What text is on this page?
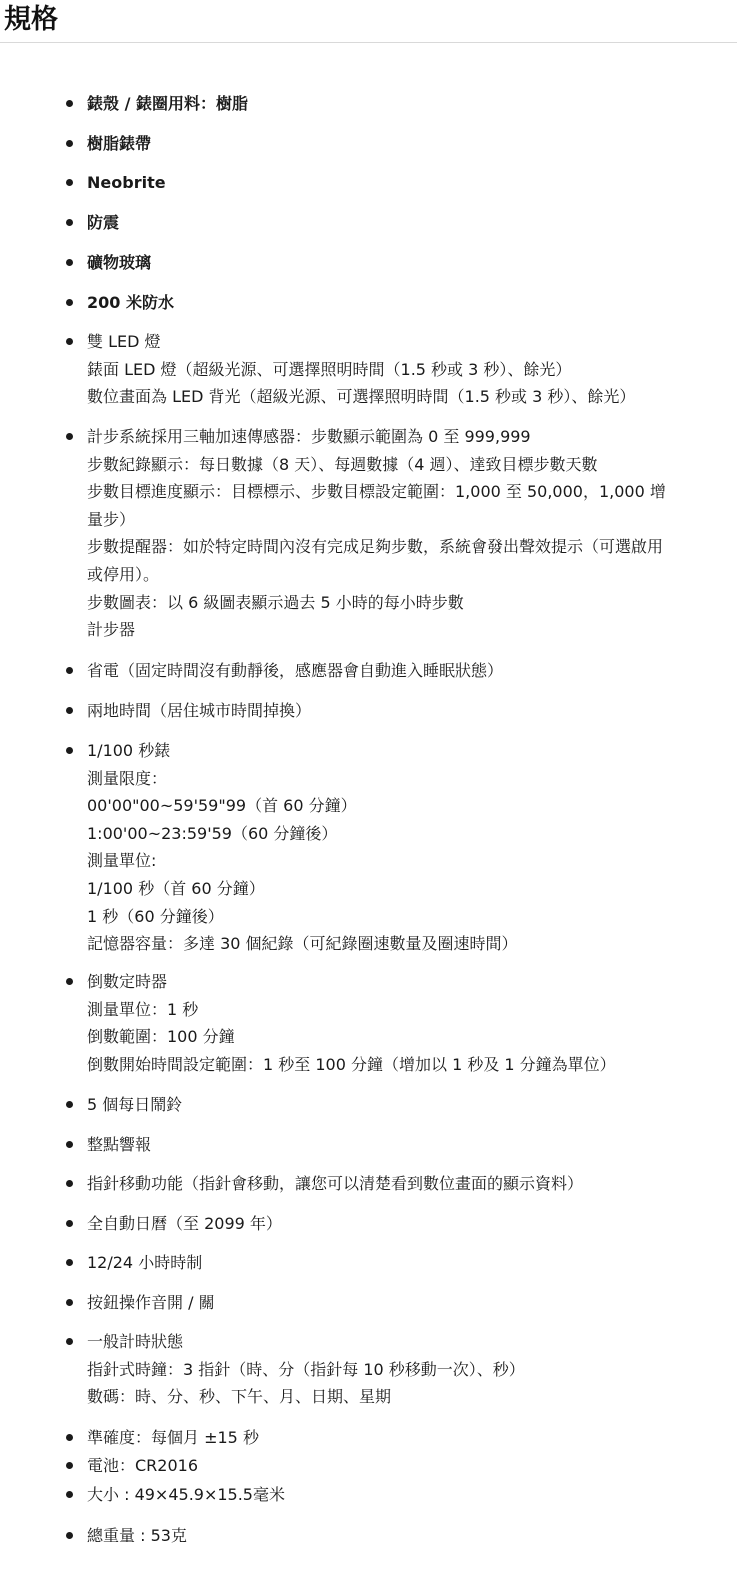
規格
錶殼 / 錶圈用料：樹脂
樹脂錶帶
Neobrite
防震
礦物玻璃
200 米防水
雙 LED 燈
錶面 LED 燈（超級光源、可選擇照明時間（1.5 秒或 3 秒）、餘光）
數位畫面為 LED 背光（超級光源、可選擇照明時間（1.5 秒或 3 秒）、餘光）
計步系統採用三軸加速傳感器：步數顯示範圍為 0 至 999,999
步數紀錄顯示：每日數據（8 天）、每週數據（4 週）、達致目標步數天數
步數目標進度顯示：目標標示、步數目標設定範圍：1,000 至 50,000，1,000 增
量步）
步數提醒器：如於特定時間內沒有完成足夠步數，系統會發出聲效提示（可選啟用
或停用）。
步數圖表：以 6 級圖表顯示過去 5 小時的每小時步數
計步器
省電（固定時間沒有動靜後，感應器會自動進入睡眠狀態）
兩地時間（居住城市時間掉換）
1/100 秒錶
測量限度：
00'00"00~59'59"99（首 60 分鐘）
1:00'00~23:59'59（60 分鐘後）
測量單位:
1/100 秒（首 60 分鐘）
1 秒（60 分鐘後）
記憶器容量：多達 30 個紀錄（可紀錄圈速數量及圈速時間）
倒數定時器
測量單位：1 秒
倒數範圍：100 分鐘
倒數開始時間設定範圍：1 秒至 100 分鐘（增加以 1 秒及 1 分鐘為單位）
5 個每日鬧鈴
整點響報
指針移動功能（指針會移動，讓您可以清楚看到數位畫面的顯示資料）
全自動日曆（至 2099 年）
12/24 小時時制
按鈕操作音開 / 關
一般計時狀態
指針式時鐘：3 指針（時、分（指針每 10 秒移動一次）、秒）
數碼：時、分、秒、下午、月、日期、星期
準確度：每個月 ±15 秒
電池：CR2016
大小 : 49×45.9×15.5毫米
總重量 : 53克
